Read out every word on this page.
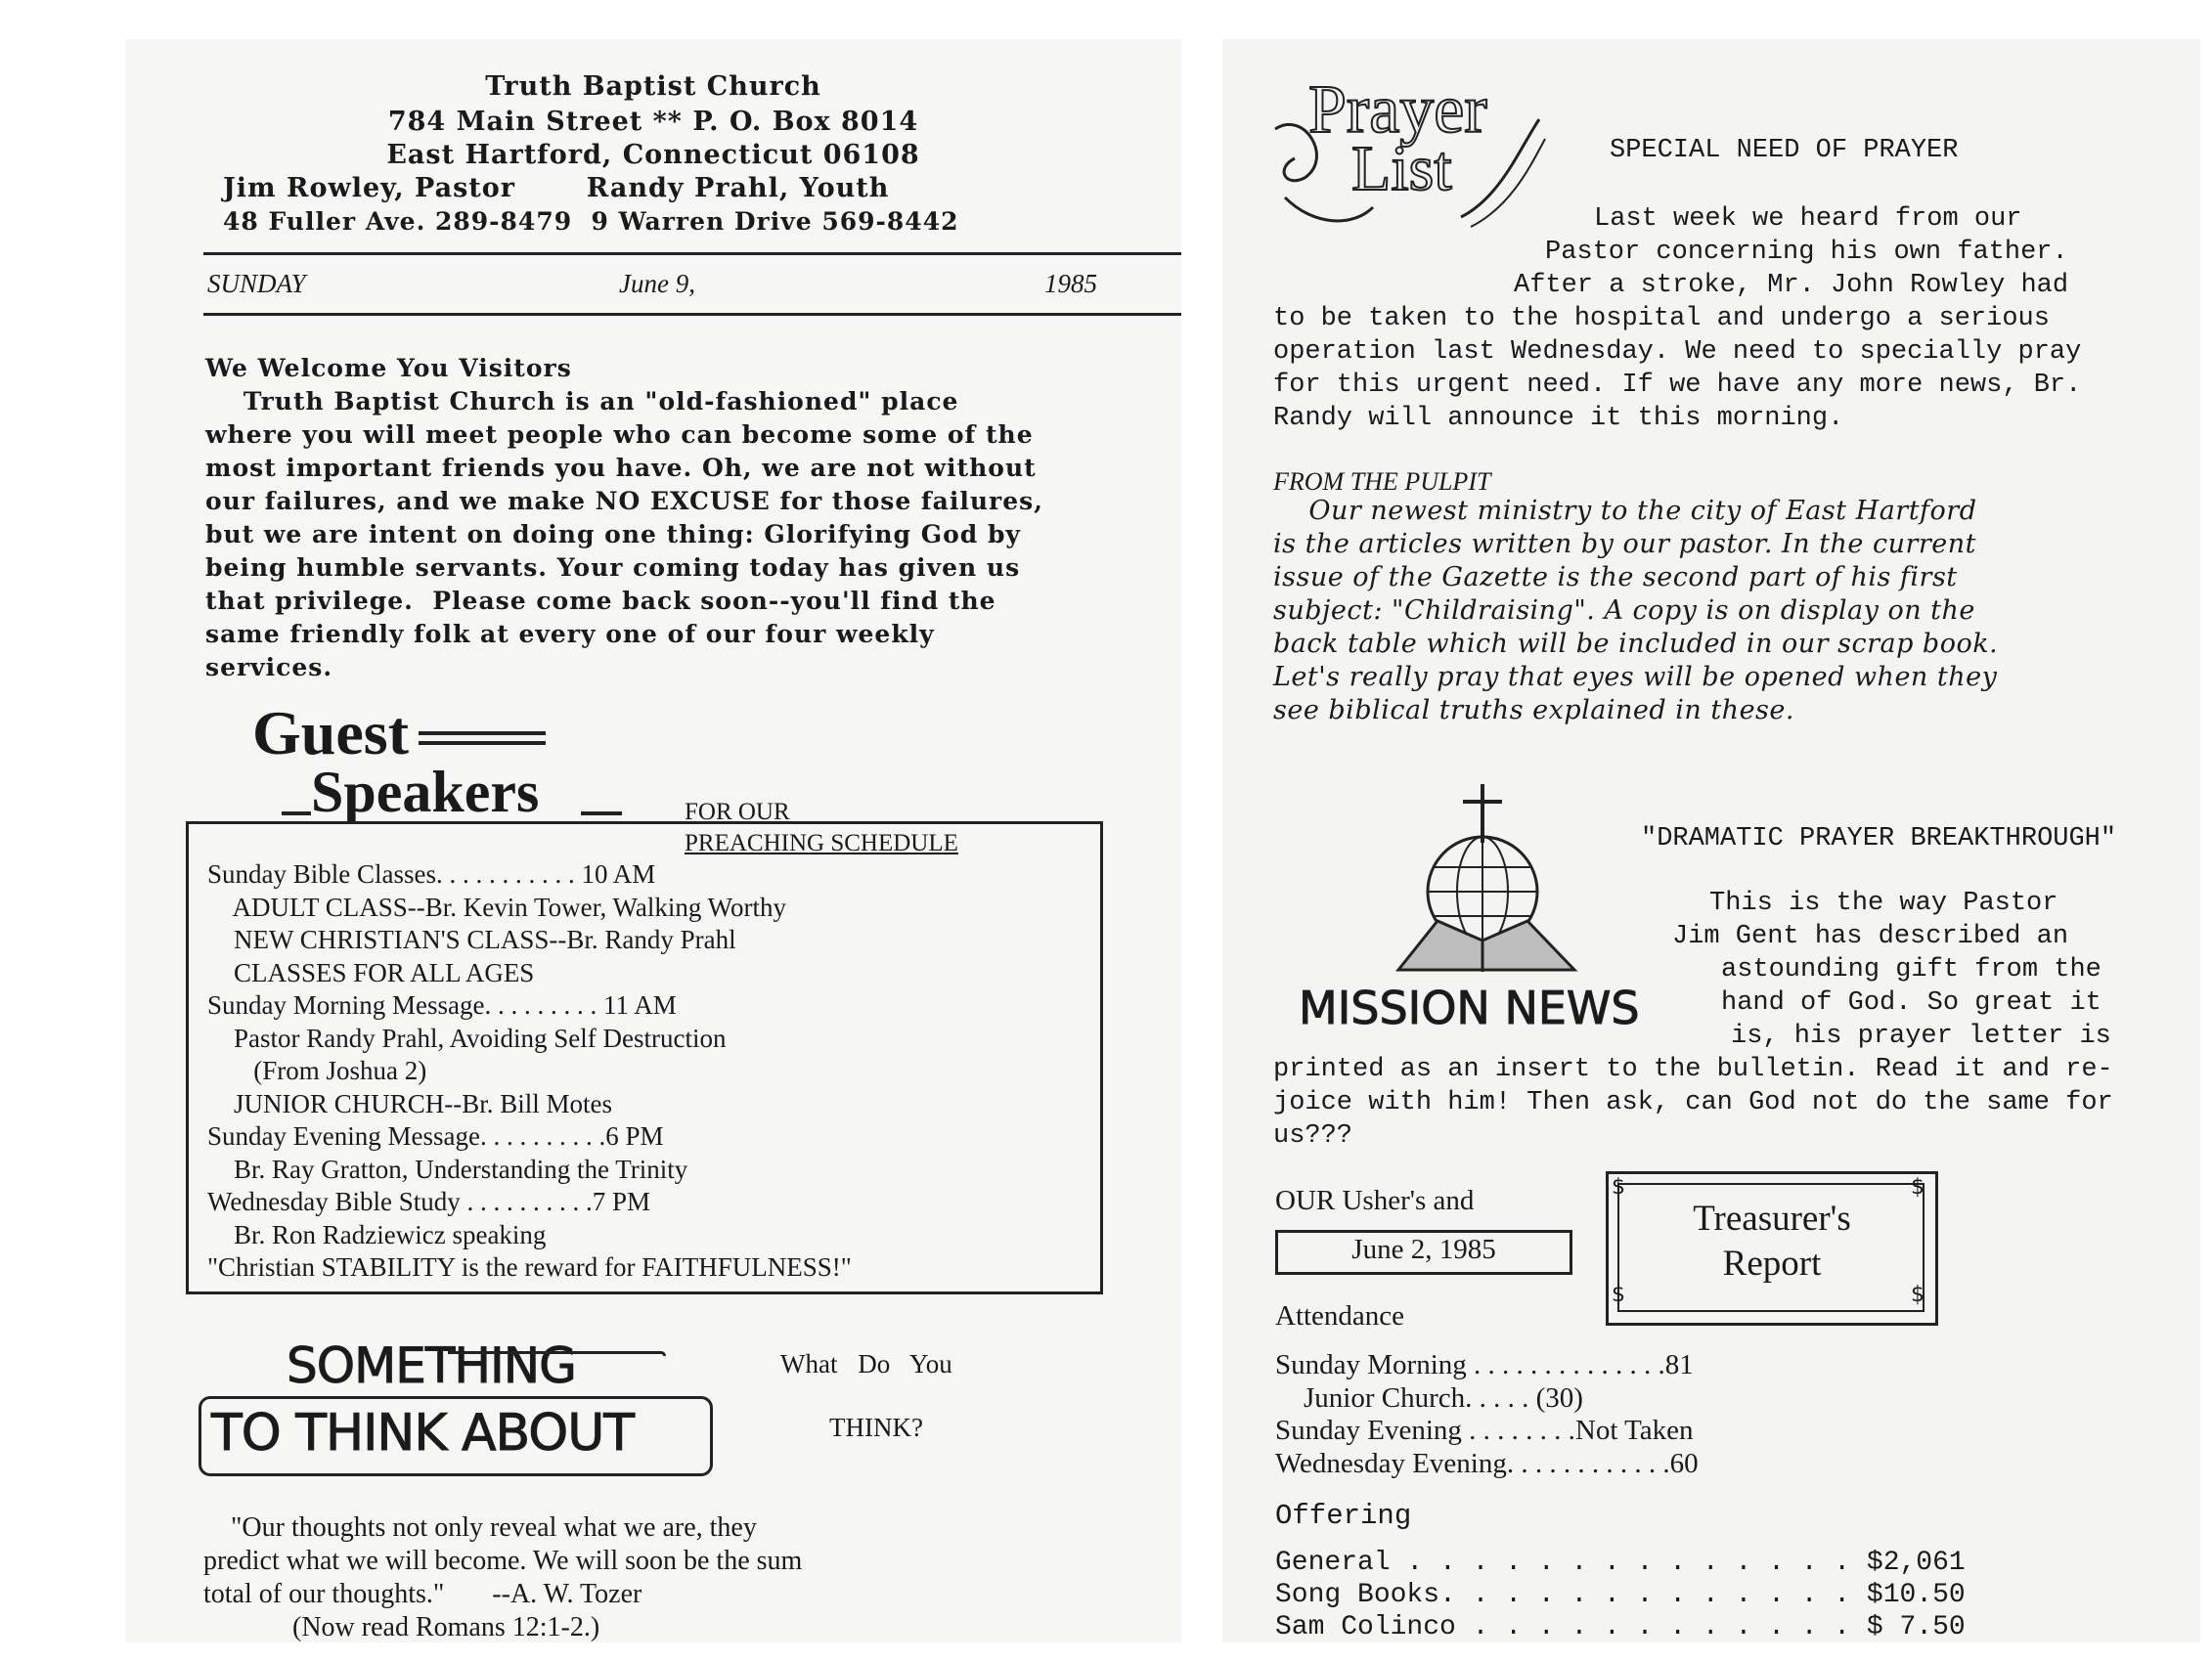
Truth Baptist Church
784 Main Street ** P. O. Box 8014
East Hartford, Connecticut 06108
Jim Rowley, Pastor       Randy Prahl, Youth
48 Fuller Ave. 289-8479  9 Warren Drive 569-8442
SUNDAY	June 9,	1985
We Welcome You Visitors
Truth Baptist Church is an "old-fashioned" place
where you will meet people who can become some of the
most important friends you have. Oh, we are not without
our failures, and we make NO EXCUSE for those failures,
but we are intent on doing one thing: Glorifying God by
being humble servants. Your coming today has given us
that privilege.  Please come back soon--you'll find the
same friendly folk at every one of our four weekly
services.
Guest
Speakers	FOR OUR
PREACHING SCHEDULE
Sunday Bible Classes. . . . . . . . . . . 10 AM
ADULT CLASS--Br. Kevin Tower, Walking Worthy
NEW CHRISTIAN'S CLASS--Br. Randy Prahl
CLASSES FOR ALL AGES
Sunday Morning Message. . . . . . . . . 11 AM
Pastor Randy Prahl, Avoiding Self Destruction
(From Joshua 2)
JUNIOR CHURCH--Br. Bill Motes
Sunday Evening Message. . . . . . . . . .6 PM
Br. Ray Gratton, Understanding the Trinity
Wednesday Bible Study . . . . . . . . . .7 PM
Br. Ron Radziewicz speaking
"Christian STABILITY is the reward for FAITHFULNESS!"
SOMETHING
TO THINK ABOUT
What Do You
THINK?
"Our thoughts not only reveal what we are, they
predict what we will become. We will soon be the sum
total of our thoughts."       --A. W. Tozer
(Now read Romans 12:1-2.)
Prayer
List	SPECIAL NEED OF PRAYER
Last week we heard from our
Pastor concerning his own father.
After a stroke, Mr. John Rowley had
to be taken to the hospital and undergo a serious
operation last Wednesday. We need to specially pray
for this urgent need. If we have any more news, Br.
Randy will announce it this morning.
FROM THE PULPIT
Our newest ministry to the city of East Hartford
is the articles written by our pastor. In the current
issue of the Gazette is the second part of his first
subject: "Childraising". A copy is on display on the
back table which will be included in our scrap book.
Let's really pray that eyes will be opened when they
see biblical truths explained in these.
MISSION NEWS
"DRAMATIC PRAYER BREAKTHROUGH"
This is the way Pastor
Jim Gent has described an
astounding gift from the
hand of God. So great it
is, his prayer letter is
printed as an insert to the bulletin. Read it and re-
joice with him! Then ask, can God not do the same for
us???
OUR Usher's and
June 2, 1985
$	$
$	$
Treasurer's
Report
Attendance
Sunday Morning . . . . . . . . . . . . . .81
Junior Church. . . . . (30)
Sunday Evening . . . . . . . .Not Taken
Wednesday Evening. . . . . . . . . . . .60
Offering
General . . . . . . . . . . . . . . $2,061
Song Books. . . . . . . . . . . . . $10.50
Sam Colinco . . . . . . . . . . . . $ 7.50
